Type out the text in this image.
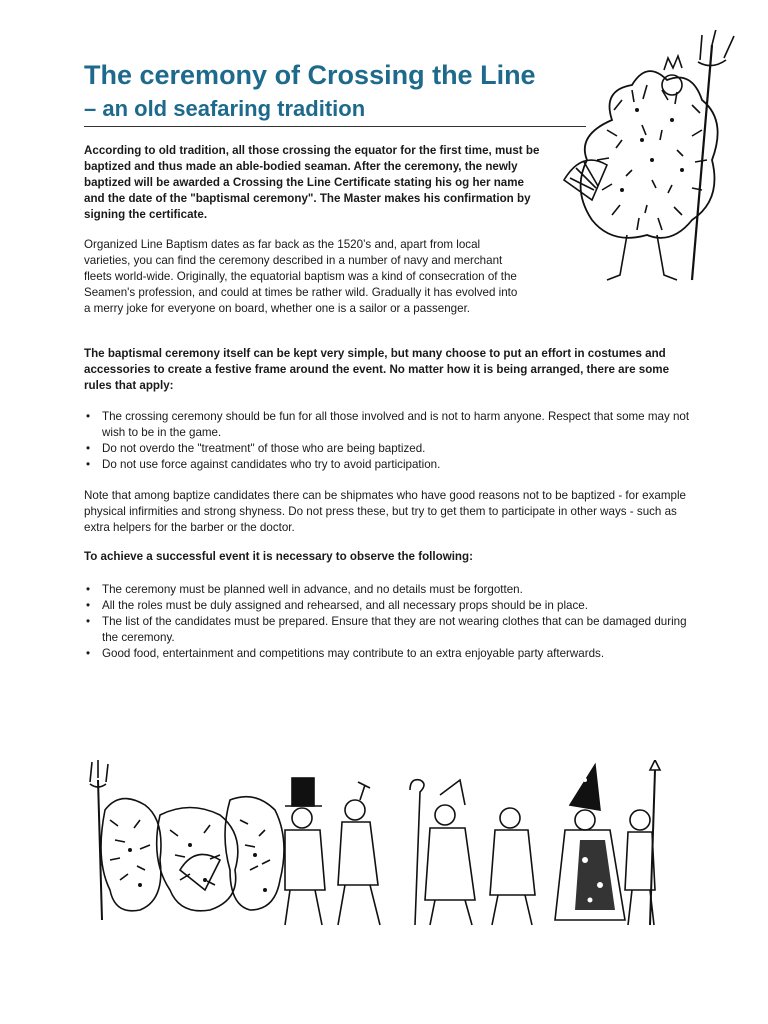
The ceremony of Crossing the Line
– an old seafaring tradition

According to old tradition, all those crossing the equator for the first time, must be baptized and thus made an able-bodied seaman. After the ceremony, the newly baptized will be awarded a Crossing the Line Certificate stating his og her name and the date of the "baptismal ceremony". The Master makes his confirmation by signing the certificate.

Organized Line Baptism dates as far back as the 1520’s and, apart from local varieties, you can find the ceremony described in a number of navy and merchant fleets world-wide. Originally, the equatorial baptism was a kind of consecration of the Seamen's profession, and could at times be rather wild. Gradually it has evolved into a merry joke for everyone on board, whether one is a sailor or a passenger.

The baptismal ceremony itself can be kept very simple, but many choose to put an effort in costumes and accessories to create a festive frame around the event. No matter how it is being arranged, there are some rules that apply:

• The crossing ceremony should be fun for all those involved and is not to harm anyone. Respect that some may not wish to be in the game.
• Do not overdo the "treatment" of those who are being baptized.
• Do not use force against candidates who try to avoid participation.

Note that among baptize candidates there can be shipmates who have good reasons not to be baptized - for example physical infirmities and strong shyness. Do not press these, but try to get them to participate in other ways - such as extra helpers for the barber or the doctor.

To achieve a successful event it is necessary to observe the following:

• The ceremony must be planned well in advance, and no details must be forgotten.
• All the roles must be duly assigned and rehearsed, and all necessary props should be in place.
• The list of the candidates must be prepared. Ensure that they are not wearing clothes that can be damaged during the ceremony.
• Good food, entertainment and competitions may contribute to an extra enjoyable party afterwards.
